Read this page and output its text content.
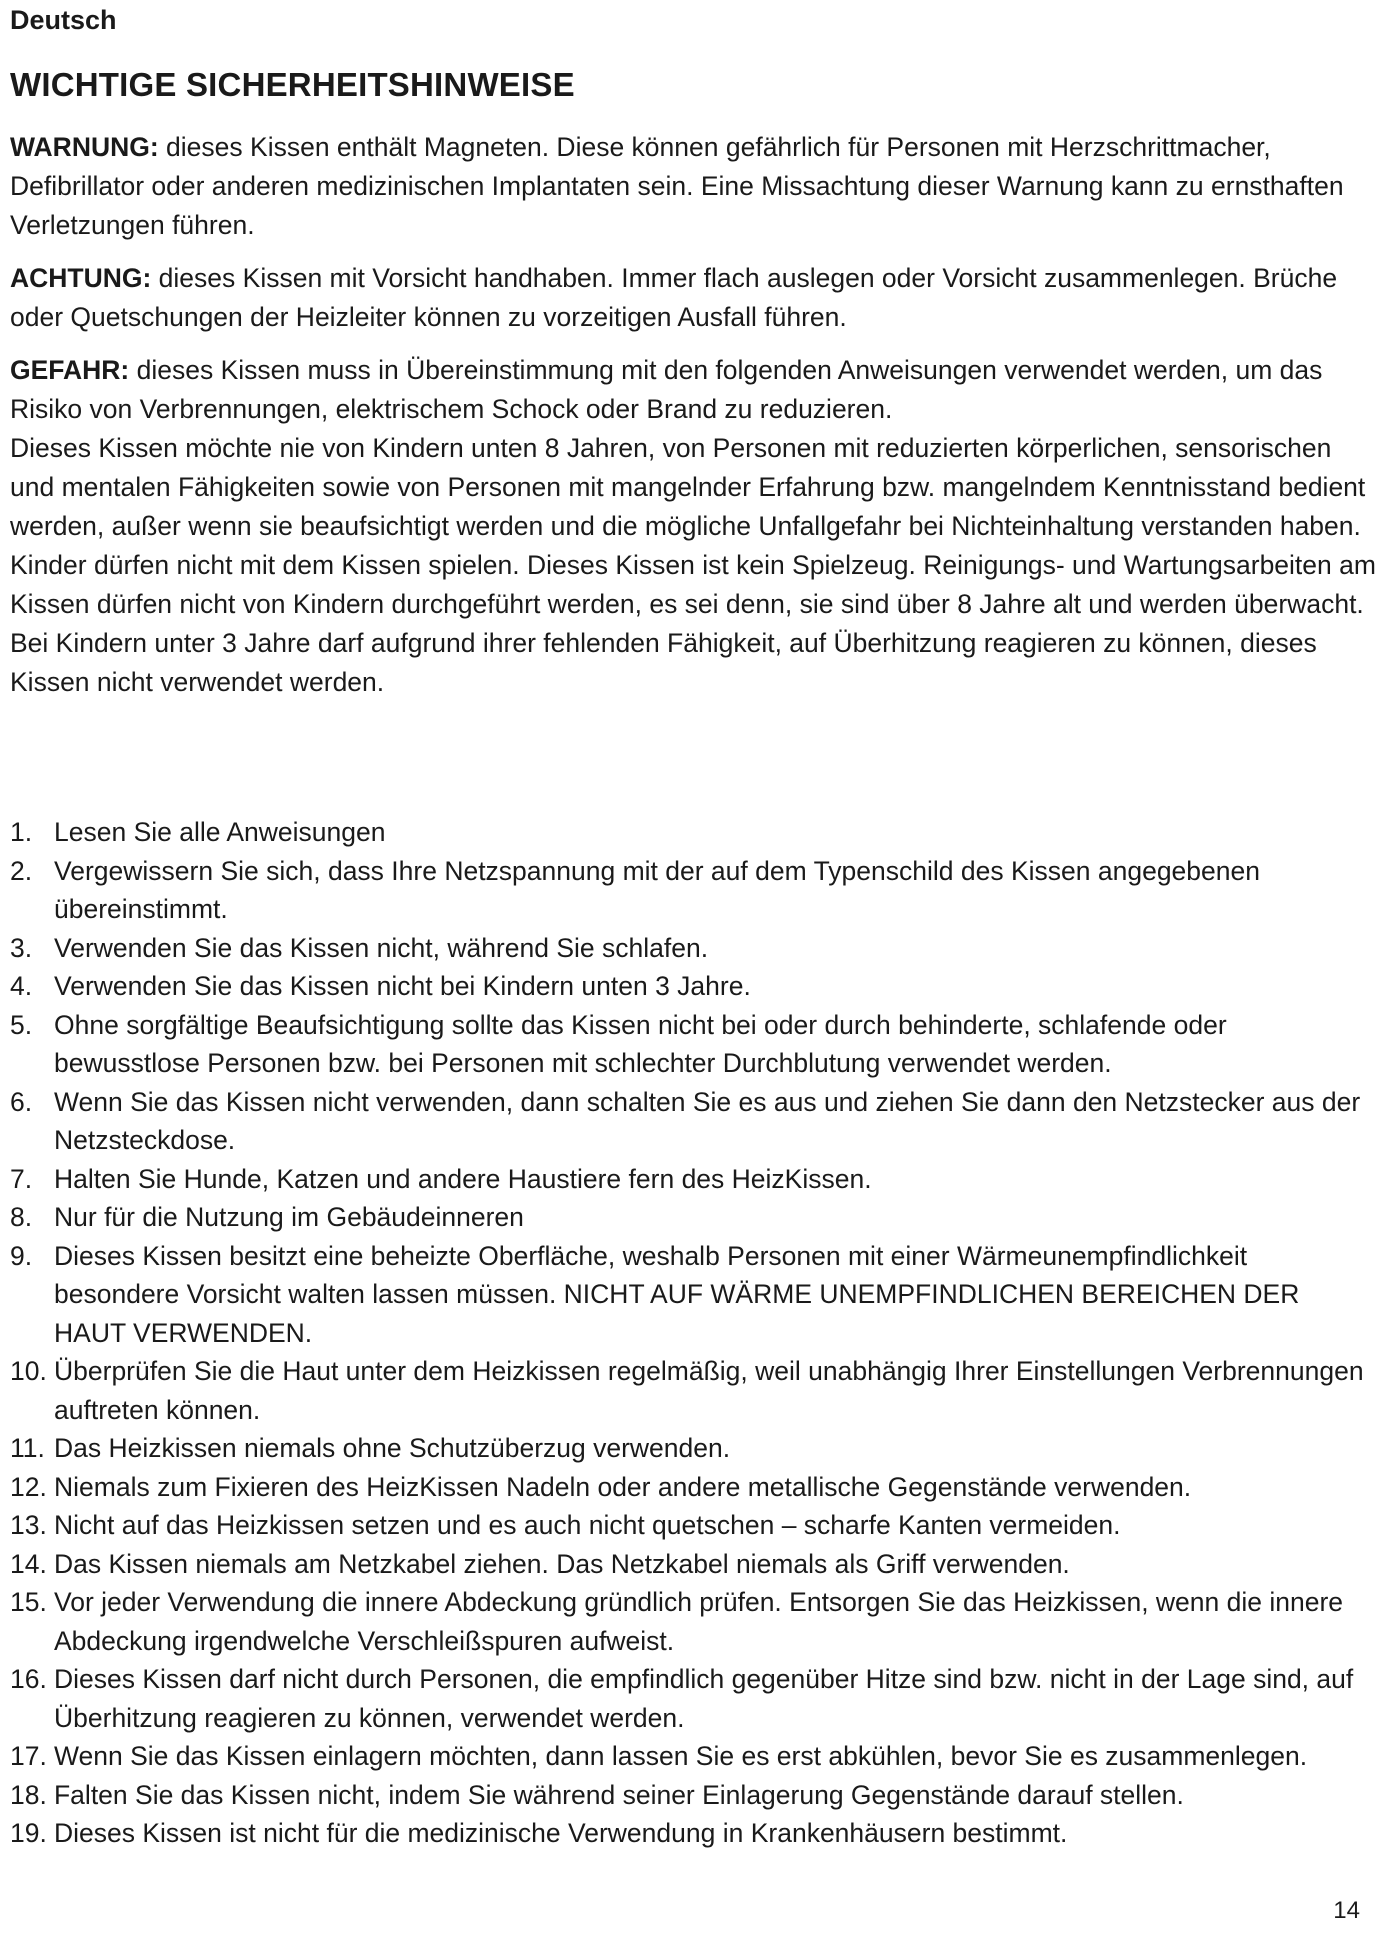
Deutsch
WICHTIGE SICHERHEITSHINWEISE

WARNUNG: dieses Kissen enthält Magneten. Diese können gefährlich für Personen mit Herzschrittmacher, Defibrillator oder anderen medizinischen Implantaten sein. Eine Missachtung dieser Warnung kann zu ernsthaften Verletzungen führen.

ACHTUNG: dieses Kissen mit Vorsicht handhaben. Immer flach auslegen oder Vorsicht zusammenlegen. Brüche oder Quetschungen der Heizleiter können zu vorzeitigen Ausfall führen.

GEFAHR: dieses Kissen muss in Übereinstimmung mit den folgenden Anweisungen verwendet werden, um das Risiko von Verbrennungen, elektrischem Schock oder Brand zu reduzieren.

Dieses Kissen möchte nie von Kindern unten 8 Jahren, von Personen mit reduzierten körperlichen, sensorischen und mentalen Fähigkeiten sowie von Personen mit mangelnder Erfahrung bzw. mangelndem Kenntnisstand bedient werden, außer wenn sie beaufsichtigt werden und die mögliche Unfallgefahr bei Nichteinhaltung verstanden haben. Kinder dürfen nicht mit dem Kissen spielen. Dieses Kissen ist kein Spielzeug. Reinigungs- und Wartungsarbeiten am Kissen dürfen nicht von Kindern durchgeführt werden, es sei denn, sie sind über 8 Jahre alt und werden überwacht. Bei Kindern unter 3 Jahre darf aufgrund ihrer fehlenden Fähigkeit, auf Überhitzung reagieren zu können, dieses Kissen nicht verwendet werden.

1. Lesen Sie alle Anweisungen
2. Vergewissern Sie sich, dass Ihre Netzspannung mit der auf dem Typenschild des Kissen angegebenen übereinstimmt.
3. Verwenden Sie das Kissen nicht, während Sie schlafen.
4. Verwenden Sie das Kissen nicht bei Kindern unten 3 Jahre.
5. Ohne sorgfältige Beaufsichtigung sollte das Kissen nicht bei oder durch behinderte, schlafende oder bewusstlose Personen bzw. bei Personen mit schlechter Durchblutung verwendet werden.
6. Wenn Sie das Kissen nicht verwenden, dann schalten Sie es aus und ziehen Sie dann den Netzstecker aus der Netzsteckdose.
7. Halten Sie Hunde, Katzen und andere Haustiere fern des HeizKissen.
8. Nur für die Nutzung im Gebäudeinneren
9. Dieses Kissen besitzt eine beheizte Oberfläche, weshalb Personen mit einer Wärmeunempfindlichkeit besondere Vorsicht walten lassen müssen. NICHT AUF WÄRME UNEMPFINDLICHEN BEREICHEN DER HAUT VERWENDEN.
10. Überprüfen Sie die Haut unter dem Heizkissen regelmäßig, weil unabhängig Ihrer Einstellungen Verbrennungen auftreten können.
11. Das Heizkissen niemals ohne Schutzüberzug verwenden.
12. Niemals zum Fixieren des HeizKissen Nadeln oder andere metallische Gegenstände verwenden.
13. Nicht auf das Heizkissen setzen und es auch nicht quetschen – scharfe Kanten vermeiden.
14. Das Kissen niemals am Netzkabel ziehen. Das Netzkabel niemals als Griff verwenden.
15. Vor jeder Verwendung die innere Abdeckung gründlich prüfen. Entsorgen Sie das Heizkissen, wenn die innere Abdeckung irgendwelche Verschleißspuren aufweist.
16. Dieses Kissen darf nicht durch Personen, die empfindlich gegenüber Hitze sind bzw. nicht in der Lage sind, auf Überhitzung reagieren zu können, verwendet werden.
17. Wenn Sie das Kissen einlagern möchten, dann lassen Sie es erst abkühlen, bevor Sie es zusammenlegen.
18. Falten Sie das Kissen nicht, indem Sie während seiner Einlagerung Gegenstände darauf stellen.
19. Dieses Kissen ist nicht für die medizinische Verwendung in Krankenhäusern bestimmt.
14
